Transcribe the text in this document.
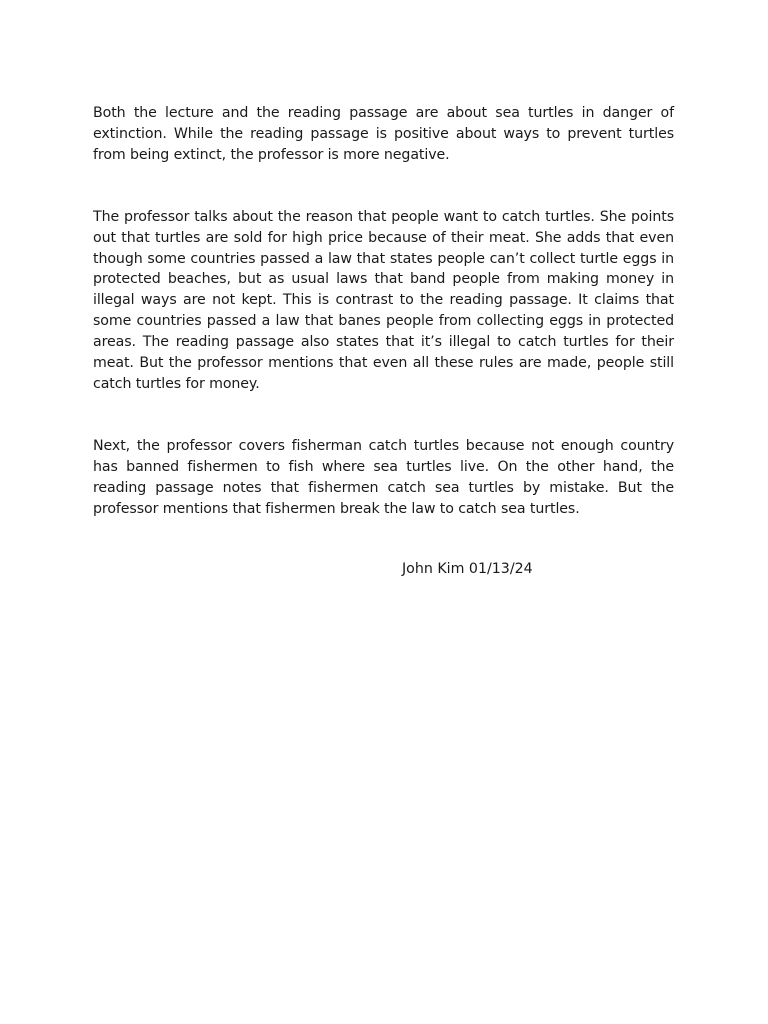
Both the lecture and the reading passage are about sea turtles in danger of extinction. While the reading passage is positive about ways to prevent turtles from being extinct, the professor is more negative.

The professor talks about the reason that people want to catch turtles. She points out that turtles are sold for high price because of their meat. She adds that even though some countries passed a law that states people can’t collect turtle eggs in protected beaches, but as usual laws that band people from making money in illegal ways are not kept. This is contrast to the reading passage. It claims that some countries passed a law that banes people from collecting eggs in protected areas. The reading passage also states that it’s illegal to catch turtles for their meat. But the professor mentions that even all these rules are made, people still catch turtles for money.

Next, the professor covers fisherman catch turtles because not enough country has banned fishermen to fish where sea turtles live. On the other hand, the reading passage notes that fishermen catch sea turtles by mistake. But the professor mentions that fishermen break the law to catch sea turtles.

John Kim 01/13/24
